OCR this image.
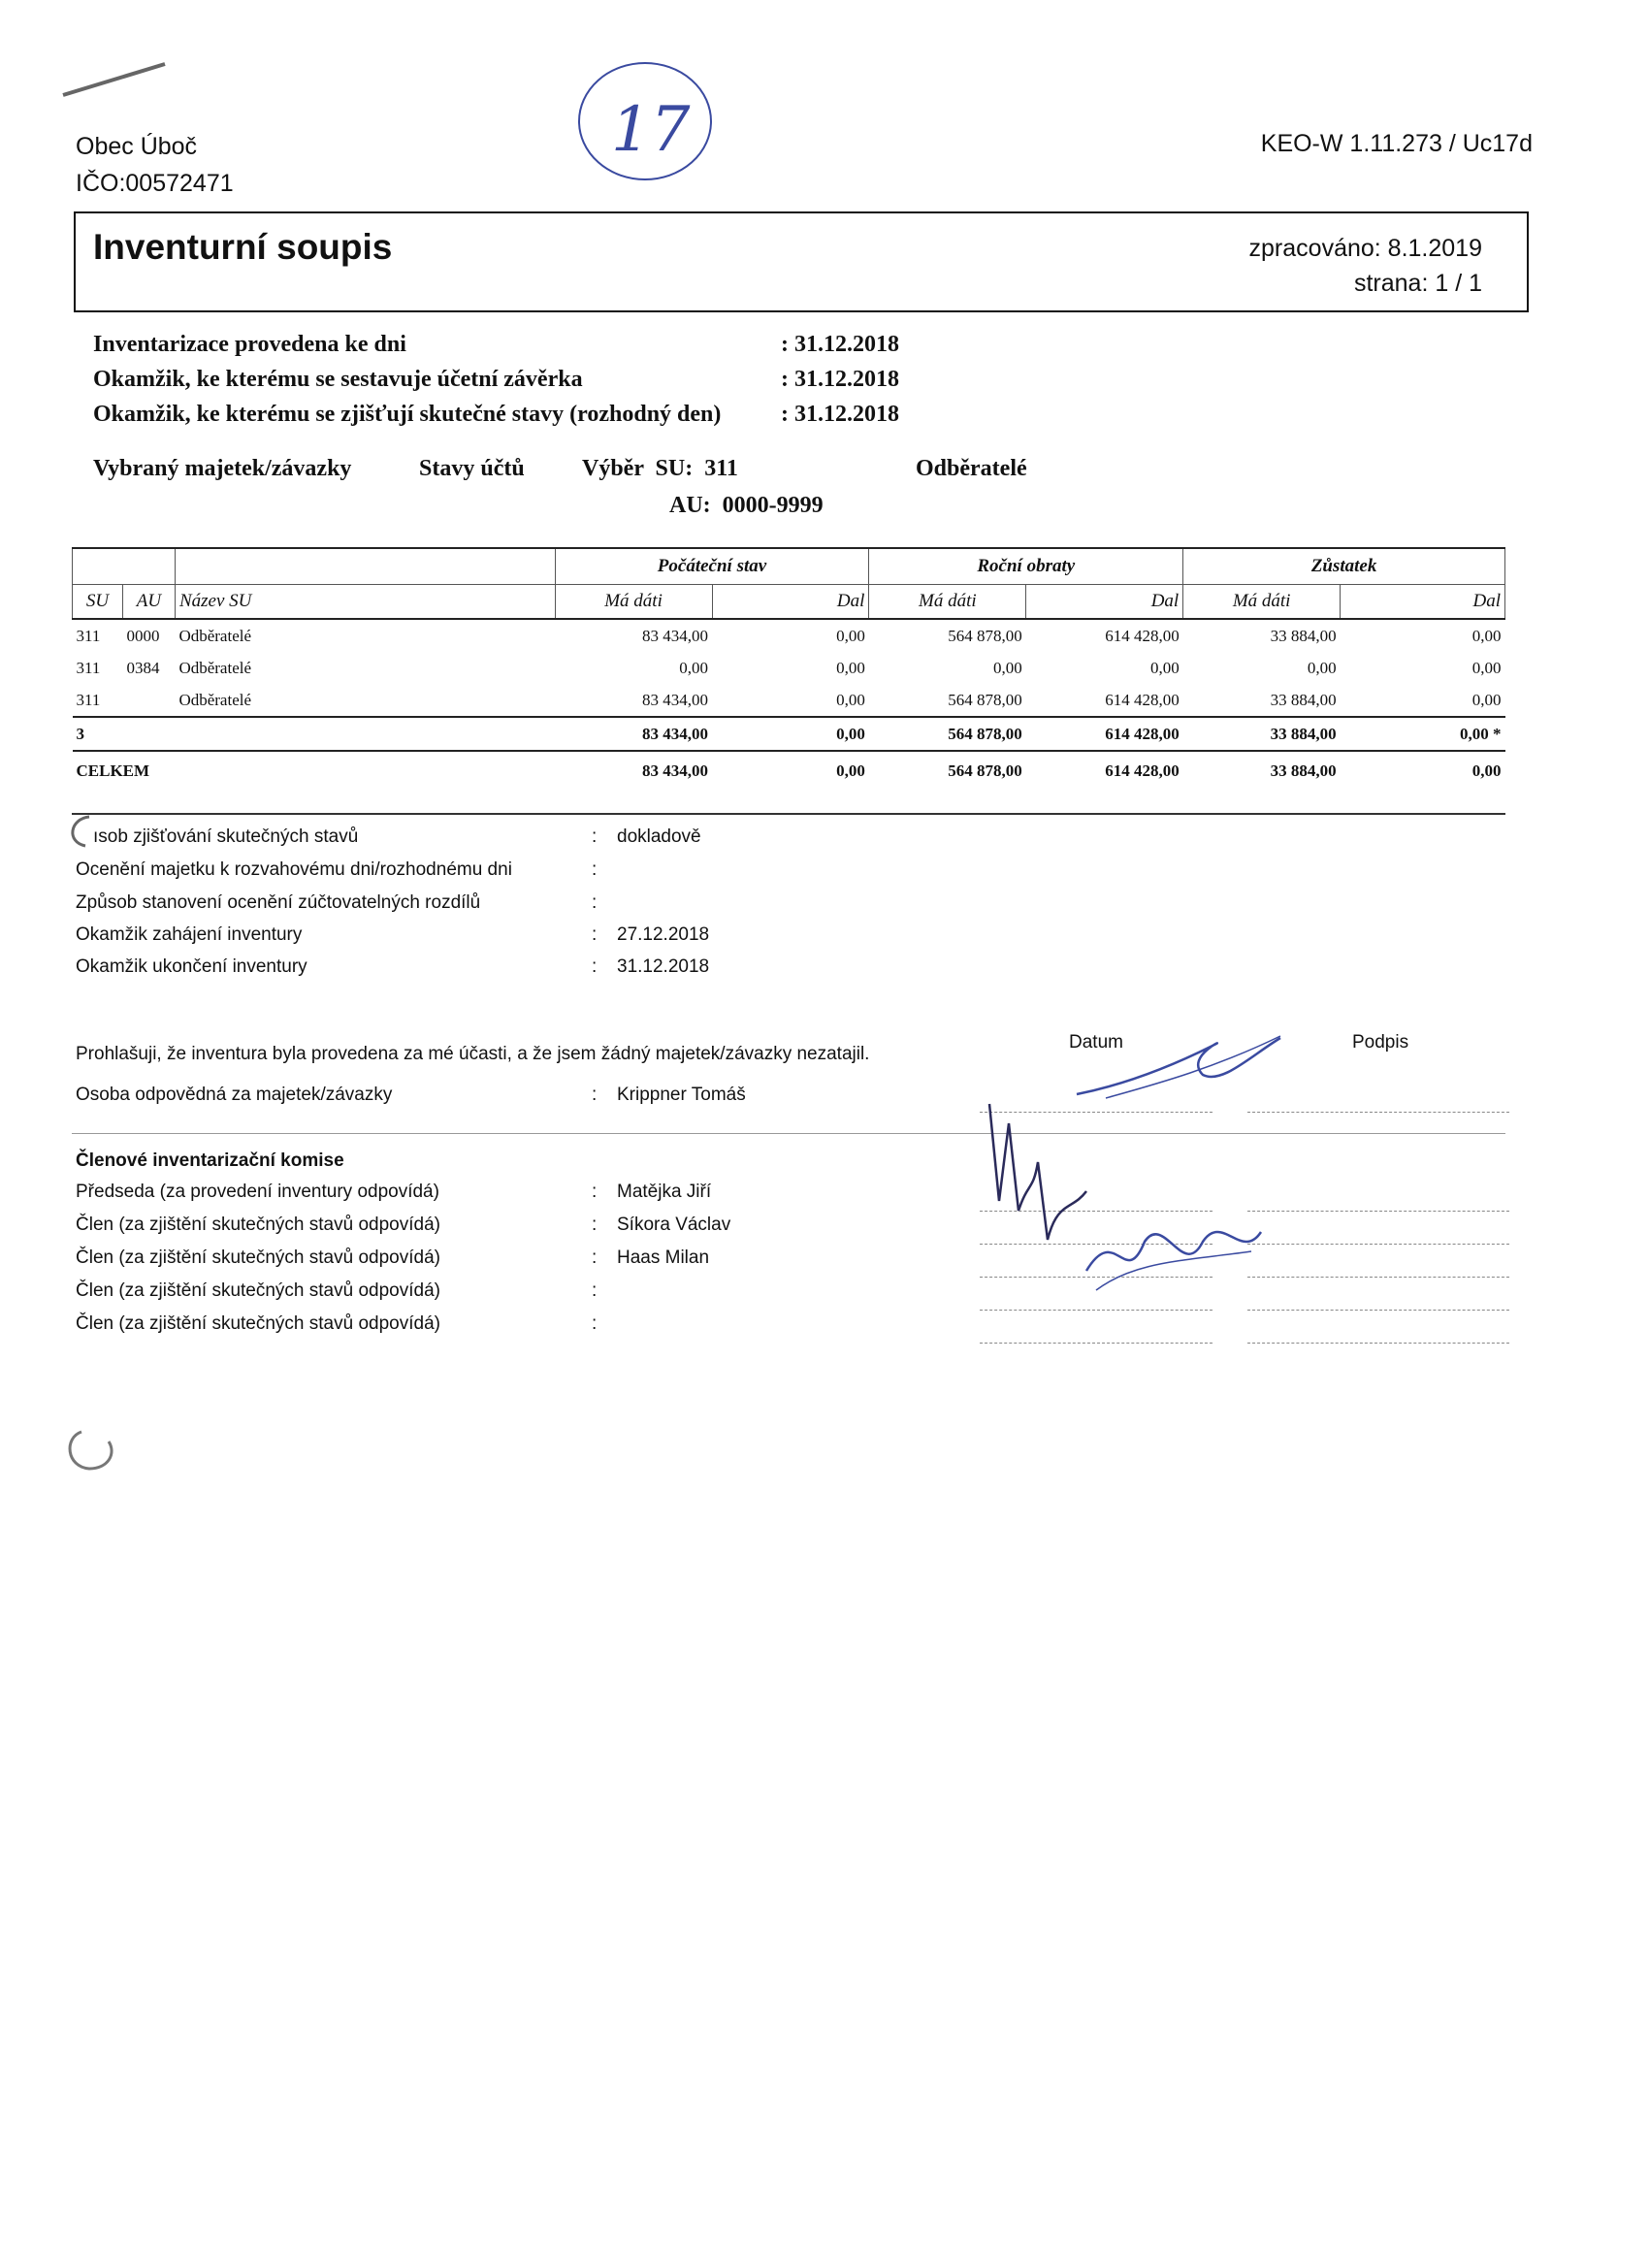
Obec Úboč
IČO:00572471
17	KEO-W 1.11.273 / Uc17d
Inventurní soupis	zpracováno: 8.1.2019
strana: 1 / 1
Inventarizace provedena ke dni	: 31.12.2018
Okamžik, ke kterému se sestavuje účetní závěrka	: 31.12.2018
Okamžik, ke kterému se zjišťují skutečné stavy (rozhodný den)	: 31.12.2018
Vybraný majetek/závazky	Stavy účtů Výběr  SU:  311	Odběratelé
AU:  0000-9999
			Počáteční stav		Roční obraty		Zůstatek	
SU	AU	Název SU	Má dáti	Dal	Má dáti	Dal	Má dáti	Dal
311	0000	Odběratelé	83 434,00	0,00	564 878,00	614 428,00	33 884,00	0,00
311	0384	Odběratelé	0,00	0,00	0,00	0,00	0,00	0,00
311		Odběratelé	83 434,00	0,00	564 878,00	614 428,00	33 884,00	0,00
3			83 434,00	0,00	564 878,00	614 428,00	33 884,00	0,00 *
CELKEM			83 434,00	0,00	564 878,00	614 428,00	33 884,00	0,00
ısob zjišťování skutečných stavů	: dokladově
Ocenění majetku k rozvahovému dni/rozhodnému dni	:
Způsob stanovení ocenění zúčtovatelných rozdílů	:
Okamžik zahájení inventury	: 27.12.2018
Okamžik ukončení inventury	: 31.12.2018
Prohlašuji, že inventura byla provedena za mé účasti, a že jsem žádný majetek/závazky nezatajil.
Datum	Podpis
Osoba odpovědná za majetek/závazky	: Krippner Tomáš
Členové inventarizační komise
Předseda (za provedení inventury odpovídá)	: Matějka Jiří
Člen (za zjištění skutečných stavů odpovídá)	: Síkora Václav
Člen (za zjištění skutečných stavů odpovídá)	: Haas Milan
Člen (za zjištění skutečných stavů odpovídá)	:
Člen (za zjištění skutečných stavů odpovídá)	:
